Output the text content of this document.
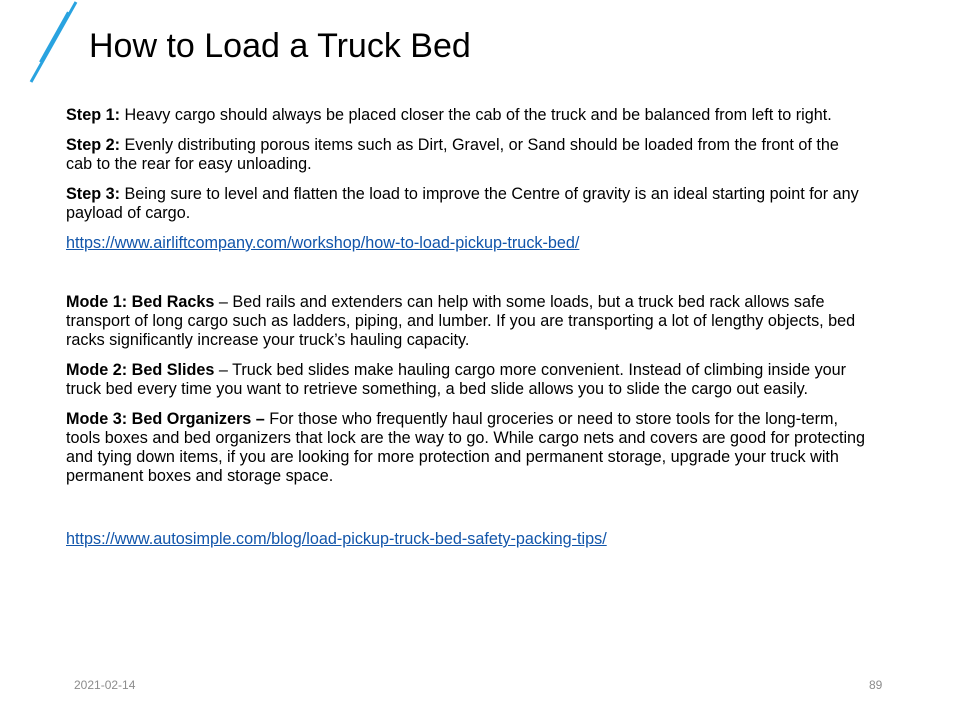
How to Load a Truck Bed

Step 1: Heavy cargo should always be placed closer the cab of the truck and be balanced from left to right.

Step 2: Evenly distributing porous items such as Dirt, Gravel, or Sand should be loaded from the front of the cab to the rear for easy unloading.

Step 3: Being sure to level and flatten the load to improve the Centre of gravity is an ideal starting point for any payload of cargo.

https://www.airliftcompany.com/workshop/how-to-load-pickup-truck-bed/

Mode 1: Bed Racks – Bed rails and extenders can help with some loads, but a truck bed rack allows safe transport of long cargo such as ladders, piping, and lumber. If you are transporting a lot of lengthy objects, bed racks significantly increase your truck’s hauling capacity.

Mode 2: Bed Slides – Truck bed slides make hauling cargo more convenient. Instead of climbing inside your truck bed every time you want to retrieve something, a bed slide allows you to slide the cargo out easily.

Mode 3: Bed Organizers – For those who frequently haul groceries or need to store tools for the long-term, tools boxes and bed organizers that lock are the way to go. While cargo nets and covers are good for protecting and tying down items, if you are looking for more protection and permanent storage, upgrade your truck with permanent boxes and storage space.

https://www.autosimple.com/blog/load-pickup-truck-bed-safety-packing-tips/

2021-02-14	89
